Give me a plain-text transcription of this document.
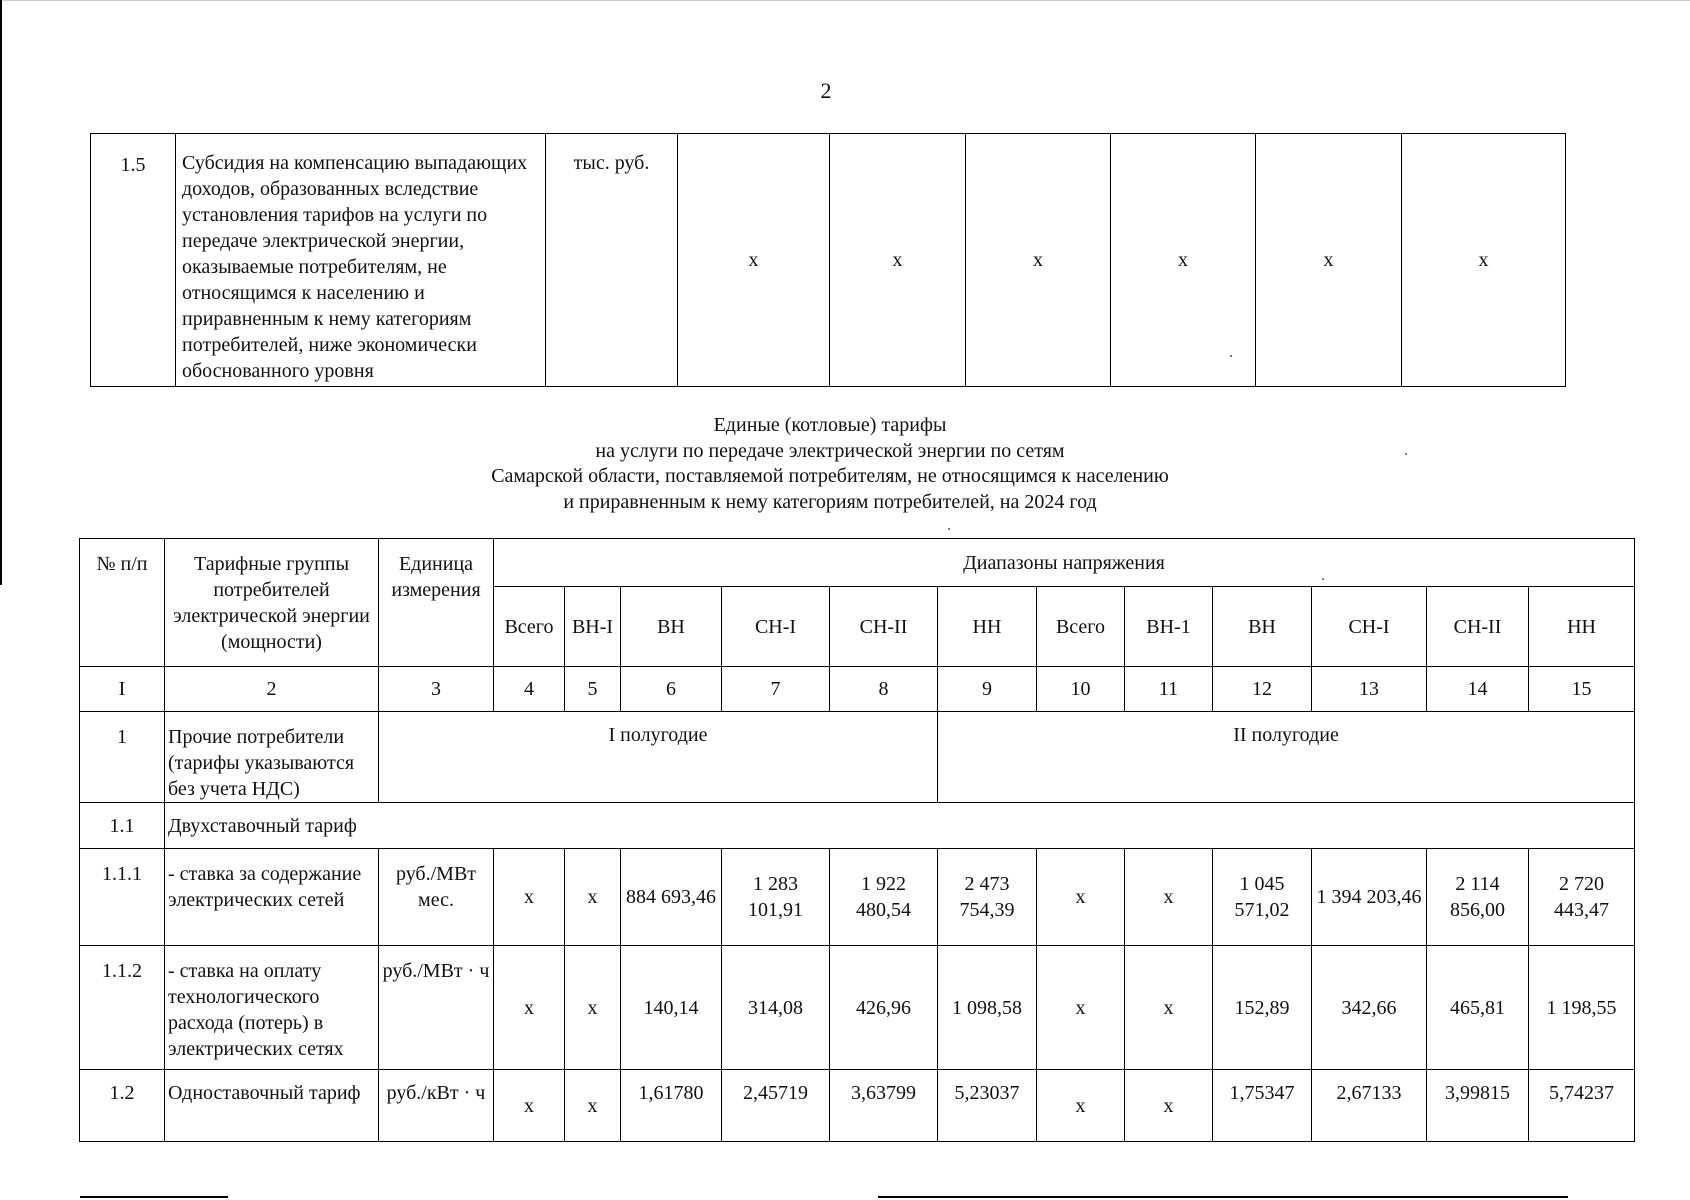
2
1.5	Субсидия на компенсацию выпадающих доходов, образованных вследствие установления тарифов на услуги по передаче электрической энергии, оказываемые потребителям, не относящимся к населению и приравненным к нему категориям потребителей, ниже экономически обоснованного уровня	тыс. руб.	x	x	x	x	x	x
Единые (котловые) тарифы
на услуги по передаче электрической энергии по сетям
Самарской области, поставляемой потребителям, не относящимся к населению
и приравненным к нему категориям потребителей, на 2024 год
№ п/п	Тарифные группы потребителей электрической энергии (мощности)	Единица измерения	Диапазоны напряжения											
			Всего	ВН-I	ВН	СН-I	СН-II	НН	Всего	ВН-1	ВН	СН-I	СН-II	НН
I	2	3	4	5	6	7	8	9	10	11	12	13	14	15
1	Прочие потребители (тарифы указываются без учета НДС)	I полугодие						II полугодие						
1.1	Двухставочный тариф													
1.1.1	- ставка за содержание электрических сетей	руб./МВт мес.	x	x	884 693,46	1 283 101,91	1 922 480,54	2 473 754,39	x	x	1 045 571,02	1 394 203,46	2 114 856,00	2 720 443,47
1.1.2	- ставка на оплату технологического расхода (потерь) в электрических сетях	руб./МВт · ч	x	x	140,14	314,08	426,96	1 098,58	x	x	152,89	342,66	465,81	1 198,55
1.2	Одноставочный тариф	руб./кВт · ч	x	x	1,61780	2,45719	3,63799	5,23037	x	x	1,75347	2,67133	3,99815	5,74237
